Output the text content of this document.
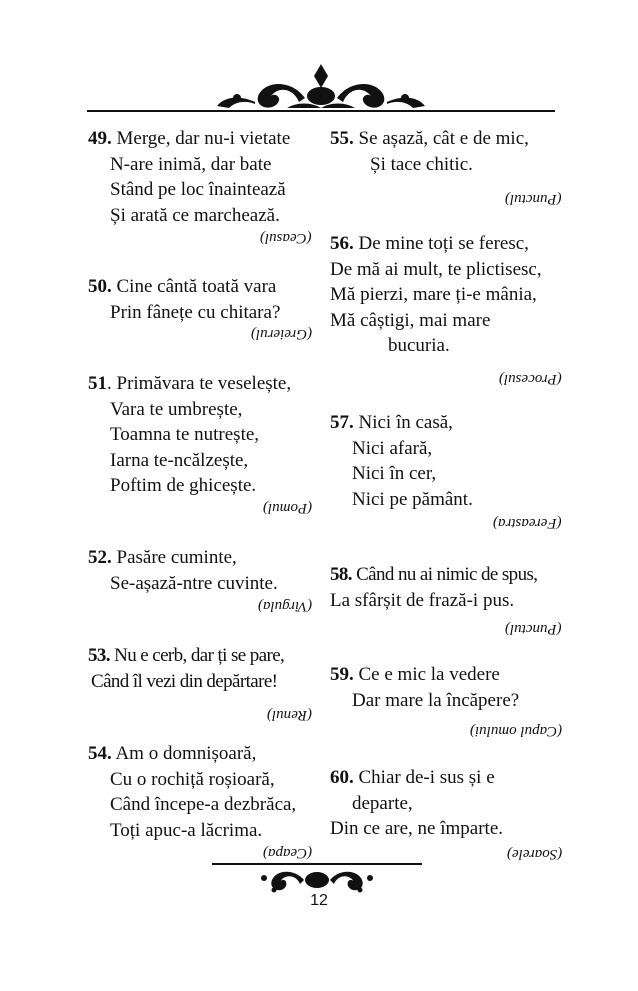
49. Merge, dar nu-i vietate
N-are inimă, dar bate
Stând pe loc înaintează
Și arată ce marchează.
(Ceasul)
50. Cine cântă toată vara
Prin fânețe cu chitara?
(Greierul)
51. Primăvara te veselește,
Vara te umbrește,
Toamna te nutrește,
Iarna te-ncălzește,
Poftim de ghicește.
(Pomul)
52. Pasăre cuminte,
Se-așază-ntre cuvinte.
(Virgula)
53. Nu e cerb, dar ți se pare,
Când îl vezi din depărtare!
(Renul)
54. Am o domnișoară,
Cu o rochiță roșioară,
Când începe-a dezbrăca,
Toți apuc-a lăcrima.
(Ceapa)
55. Se așază, cât e de mic,
Și tace chitic.
(Punctul)
56. De mine toți se feresc,
De mă ai mult, te plictisesc,
Mă pierzi, mare ți-e mânia,
Mă câștigi, mai mare
bucuria.
(Procesul)
57. Nici în casă,
Nici afară,
Nici în cer,
Nici pe pământ.
(Fereastra)
58. Când nu ai nimic de spus,
La sfârșit de frază-i pus.
(Punctul)
59. Ce e mic la vedere
Dar mare la încăpere?
(Capul omului)
60. Chiar de-i sus și e
departe,
Din ce are, ne împarte.
(Soarele)
12
